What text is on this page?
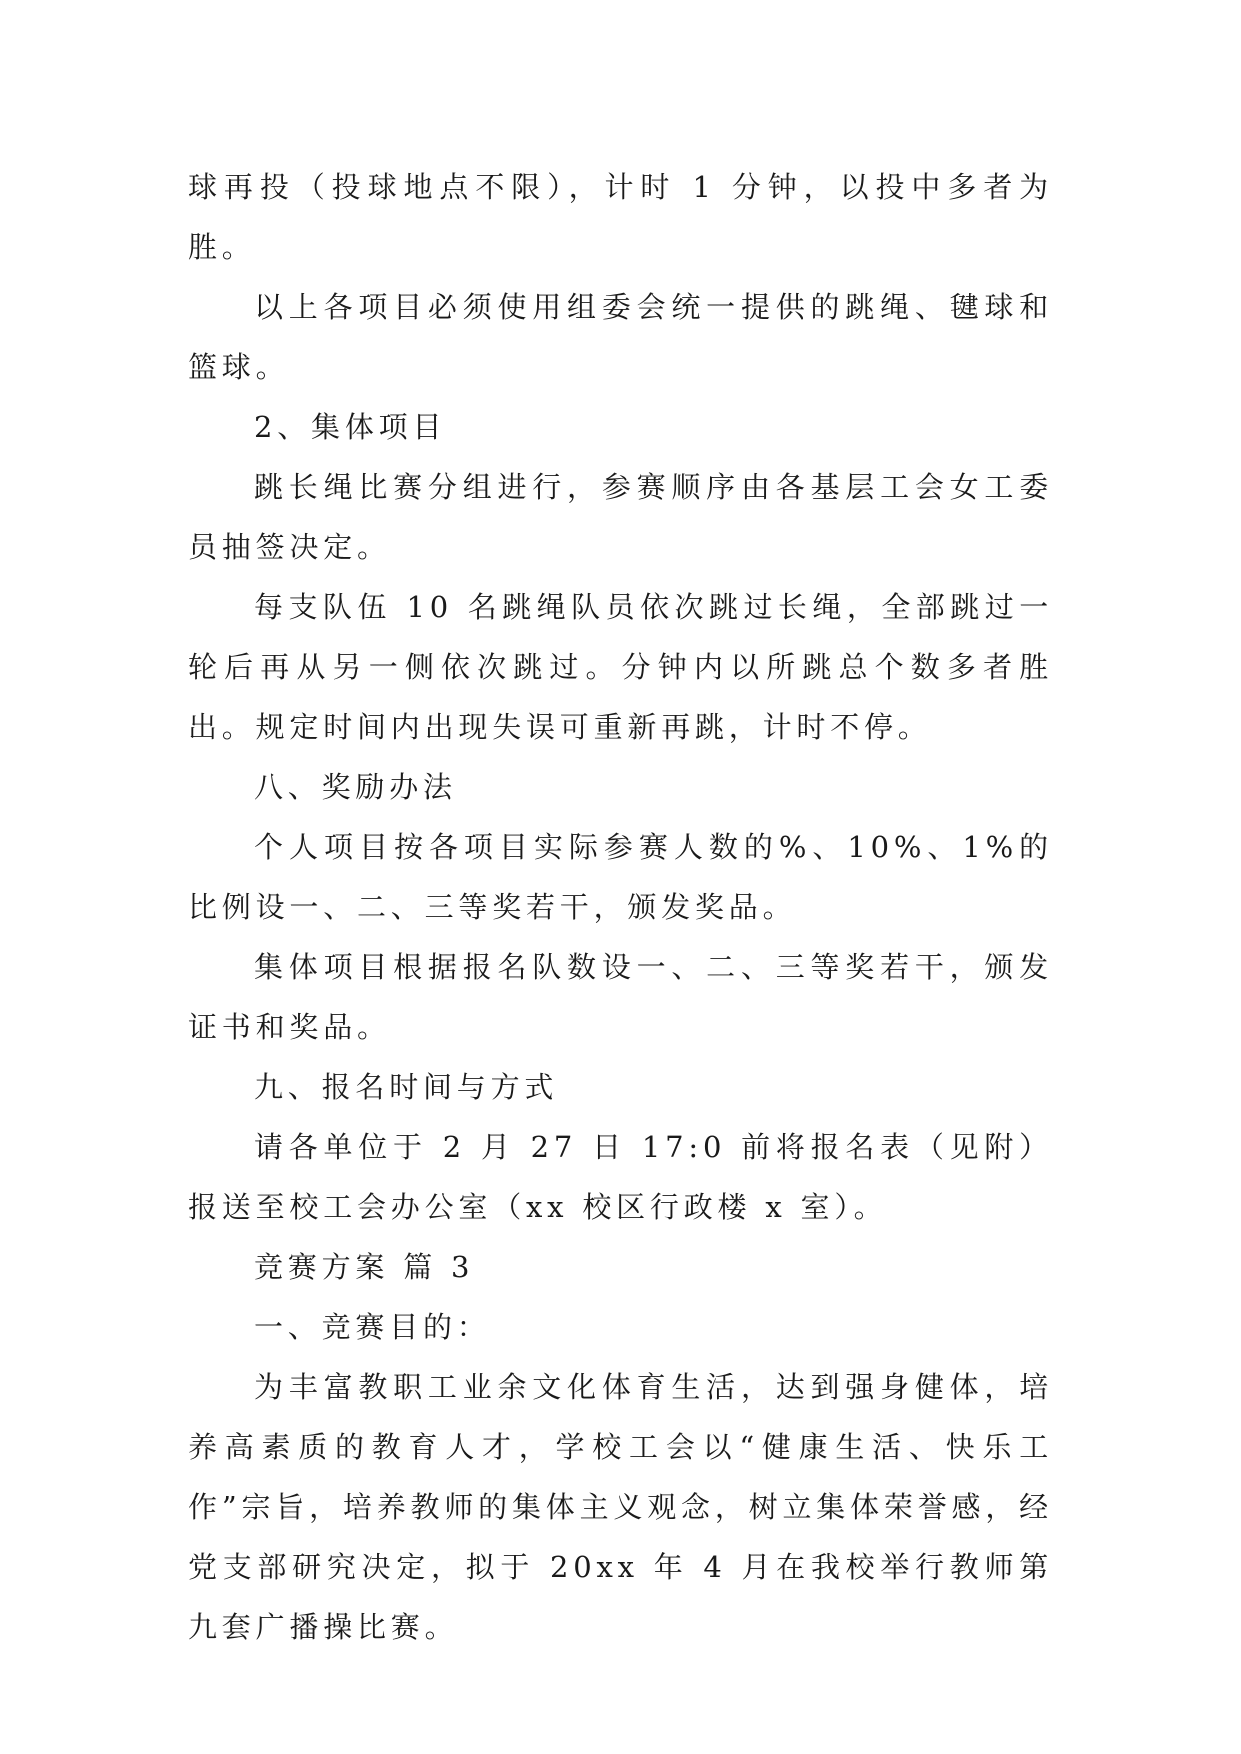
球再投（投球地点不限），计时 1 分钟，以投中多者为胜。

以上各项目必须使用组委会统一提供的跳绳、毽球和篮球。

2、集体项目

跳长绳比赛分组进行，参赛顺序由各基层工会女工委员抽签决定。

每支队伍 10 名跳绳队员依次跳过长绳，全部跳过一轮后再从另一侧依次跳过。分钟内以所跳总个数多者胜出。规定时间内出现失误可重新再跳，计时不停。

八、奖励办法

个人项目按各项目实际参赛人数的%、10%、1%的比例设一、二、三等奖若干，颁发奖品。

集体项目根据报名队数设一、二、三等奖若干，颁发证书和奖品。

九、报名时间与方式

请各单位于 2 月 27 日 17:0 前将报名表（见附）报送至校工会办公室（xx 校区行政楼 x 室）。

竞赛方案 篇 3

一、竞赛目的：

为丰富教职工业余文化体育生活，达到强身健体，培养高素质的教育人才，学校工会以“健康生活、快乐工作”宗旨，培养教师的集体主义观念，树立集体荣誉感，经党支部研究决定，拟于 20xx 年 4 月在我校举行教师第九套广播操比赛。
